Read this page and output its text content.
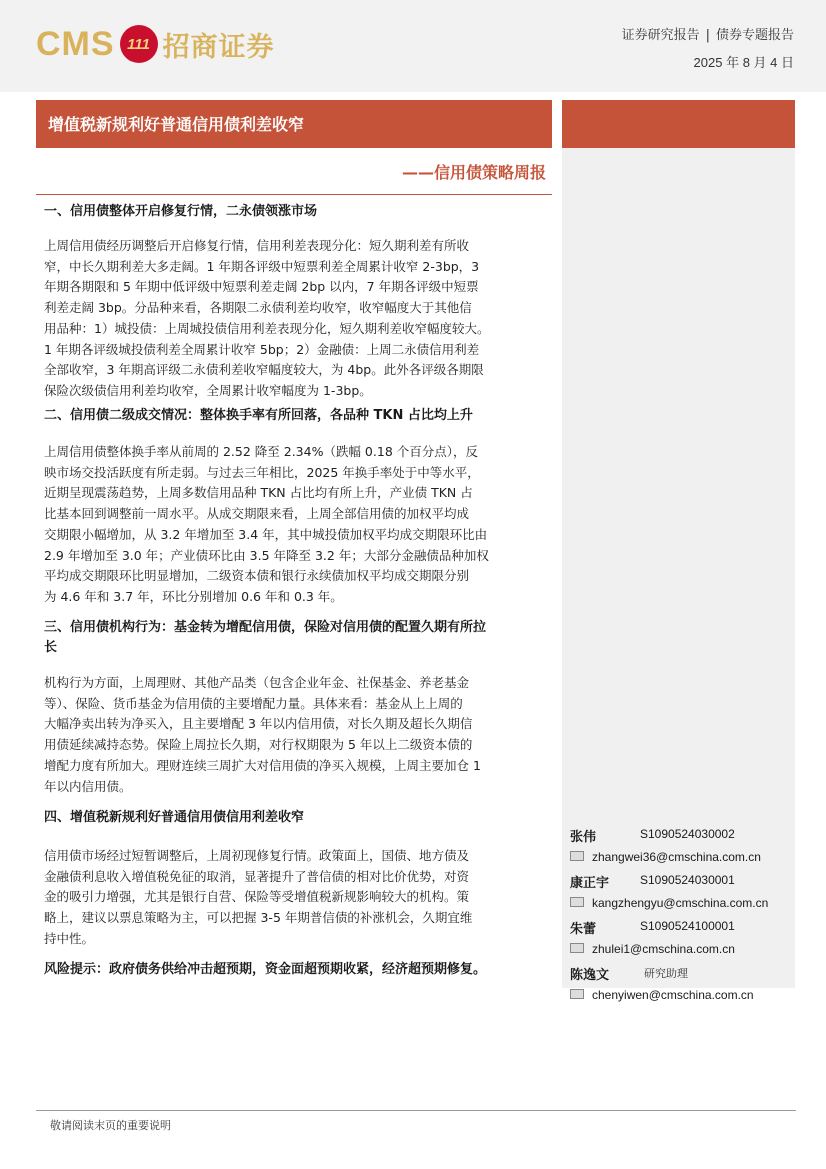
CMS 111 招商证券	证券研究报告 | 债券专题报告
2025 年 8 月 4 日
增值税新规利好普通信用债利差收窄
——信用债策略周报
一、信用债整体开启修复行情，二永债领涨市场
上周信用债经历调整后开启修复行情，信用利差表现分化：短久期利差有所收
窄，中长久期利差大多走阔。1 年期各评级中短票利差全周累计收窄 2-3bp，3
年期各期限和 5 年期中低评级中短票利差走阔 2bp 以内，7 年期各评级中短票
利差走阔 3bp。分品种来看，各期限二永债利差均收窄，收窄幅度大于其他信
用品种：1）城投债：上周城投债信用利差表现分化，短久期利差收窄幅度较大。
1 年期各评级城投债利差全周累计收窄 5bp；2）金融债：上周二永债信用利差
全部收窄，3 年期高评级二永债利差收窄幅度较大，为 4bp。此外各评级各期限
保险次级债信用利差均收窄，全周累计收窄幅度为 1-3bp。
二、信用债二级成交情况：整体换手率有所回落，各品种 TKN 占比均上升
上周信用债整体换手率从前周的 2.52 降至 2.34%（跌幅 0.18 个百分点），反
映市场交投活跃度有所走弱。与过去三年相比，2025 年换手率处于中等水平，
近期呈现震荡趋势，上周多数信用品种 TKN 占比均有所上升，产业债 TKN 占
比基本回到调整前一周水平。从成交期限来看，上周全部信用债的加权平均成
交期限小幅增加，从 3.2 年增加至 3.4 年，其中城投债加权平均成交期限环比由
2.9 年增加至 3.0 年；产业债环比由 3.5 年降至 3.2 年；大部分金融债品种加权
平均成交期限环比明显增加，二级资本债和银行永续债加权平均成交期限分别
为 4.6 年和 3.7 年，环比分别增加 0.6 年和 0.3 年。
三、信用债机构行为：基金转为增配信用债，保险对信用债的配置久期有所拉
长
机构行为方面，上周理财、其他产品类（包含企业年金、社保基金、养老基金
等）、保险、货币基金为信用债的主要增配力量。具体来看：基金从上上周的
大幅净卖出转为净买入，且主要增配 3 年以内信用债，对长久期及超长久期信
用债延续减持态势。保险上周拉长久期，对行权期限为 5 年以上二级资本债的
增配力度有所加大。理财连续三周扩大对信用债的净买入规模，上周主要加仓 1
年以内信用债。
四、增值税新规利好普通信用债信用利差收窄
信用债市场经过短暂调整后，上周初现修复行情。政策面上，国债、地方债及
金融债利息收入增值税免征的取消，显著提升了普信债的相对比价优势，对资
金的吸引力增强，尤其是银行自营、保险等受增值税新规影响较大的机构。策
略上，建议以票息策略为主，可以把握 3-5 年期普信债的补涨机会，久期宜维
持中性。
风险提示：政府债务供给冲击超预期，资金面超预期收紧，经济超预期修复。
张伟	S1090524030002
zhangwei36@cmschina.com.cn
康正宇	S1090524030001
kangzhengyu@cmschina.com.cn
朱蕾	S1090524100001
zhulei1@cmschina.com.cn
陈逸文	研究助理
chenyiwen@cmschina.com.cn
敬请阅读末页的重要说明
